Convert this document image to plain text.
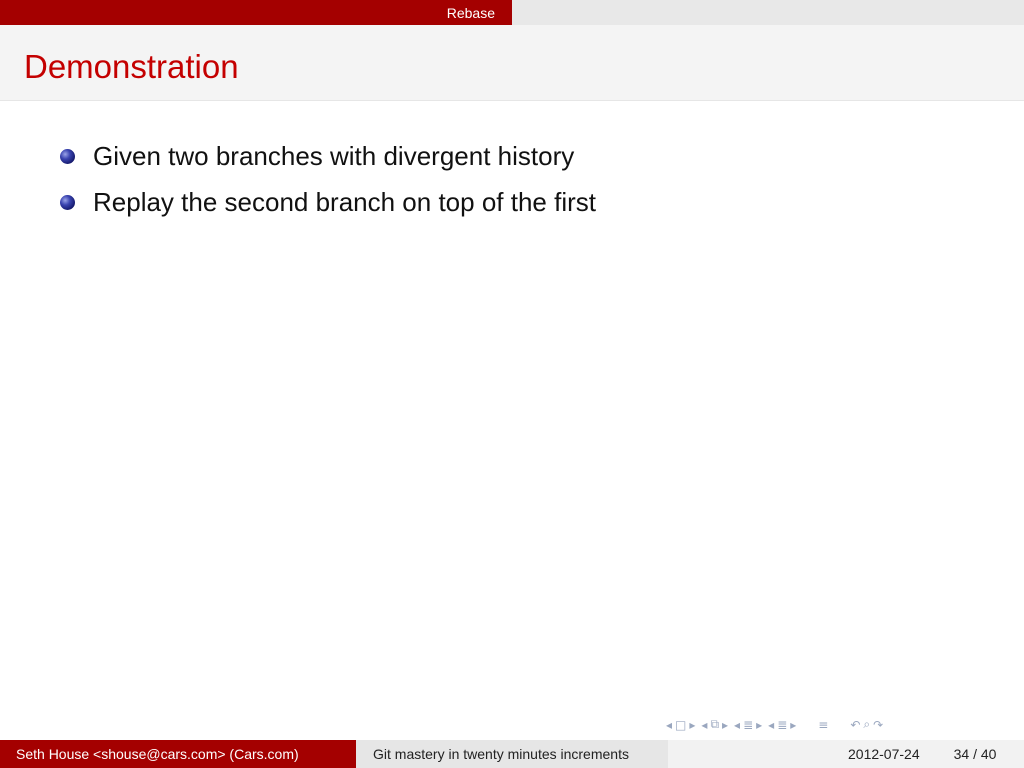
Rebase
Demonstration
Given two branches with divergent history
Replay the second branch on top of the first
◂ □ ▸ ◂ ⧉ ▸ ◂ ≣ ▸ ◂ ≣ ▸ ≡ ↶ ⌕ ↷
Seth House <shouse@cars.com> (Cars.com)	Git mastery in twenty minutes increments	2012-07-24 34 / 40
